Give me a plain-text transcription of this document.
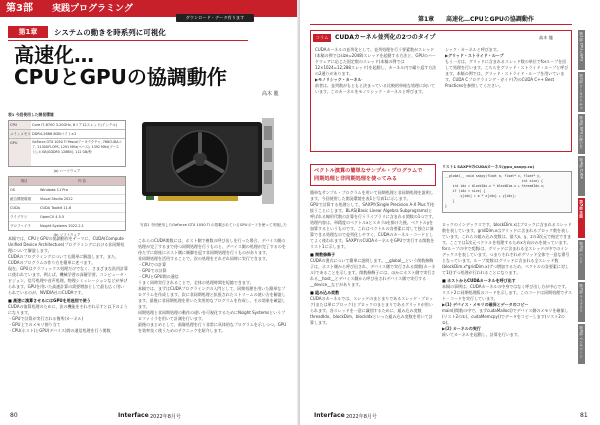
第3部 実践プログラミング
ダウンロード・データ有ります
第1章	システムの動きを時系列に可視化
高速化…
CPUとGPUの協調動作
高木 龍
表1 今回使用した開発環境
CPU	Core i7-8700 3.20GHz, 6コア12スレッド(インテル)
メインメモリ DDR4-2666 8GBバイト×2
GPU	GeForce GTX 1050 Ti Pascalアーキテクチャ, 768CUDAコア, 2130GFLOPS, 1291 MHz(ベース), 1392 MHz(ブースト), 4 GB(GDDR5 128Bit), 112 GB/秒
(a) ハードウェア
項目	内 容
OS	Windows 11 Pro
統合開発環境	Visual Studio 2022
CUDA	CUDA Toolkit 11.6
ライブラリ	OpenCV 4.5.5
プロファイラ	Nsight Systems 2022.2.1
(b) ソフトウェア
写真1 今回使用したGeForce GTX 1050 Ti の搭載されているGPUボードを使って実施した

本稿では、CPUとGPUの協調動作をテーマに、CUDA(Compute Unified Device Architecture)プログラミングにおける非同期処理について解説します。

CUDAのプログラミングについても簡単に解説します。また、CUDAのプログラムの作り方を簡単に述べます。

現在、GPUはグラフィックス処理だけでなく、さまざまな汎用計算に使われています。例えば、機械学習の深層学習、コンピュータ・ビジョン、信号処理や音声処理、物理シミュレーションなどが挙げられます。GPUを用いた高速計算の需要増加として最も広く用いられているのが、NVIDIA社のCUDAです。

■ 高速に演算させるにはGPUを用途別で使う

CUDAの演算処理のために、次の機能をそれぞれ示すと以下のようになります。

・GPUで計算が実行される箇所(カーネル)

・GPU上でのメモリ割り当て

・CPU(ホスト)とGPU(デバイス)間の通信処理を行う関数

これらのCUDA関数には、ホスト側で複数の呼び出しを行った場合、デバイス側の処理が完了するまで待つ同期処理を行うものと、デバイス側の処理が完了するのを待たずに即座にホスト側に制御を返す非同期処理を行うものがあります。

非同期処理を活用することで、次の処理をそれぞれ同時に実行できます。

・CPUでの計算

・GPUでの計算

・CPUとGPU間の通信

うまく同時実行されることで、全体の処理時間を短縮できます。

本稿では、まずはCUDAプログラミングの入門として、同期処理を用いた簡単なプログラムを作成します。次に非同期処理と拡張されたストリームの使い方を解説します。最後に非同期処理を用いた実用的なプログラムを作成し、その効果を確認します。

同期処理と非同期処理の動作の違いを可視化するためにNsight Systemsというプロファイラを用いて計測を行います。

最後のまとめとして、画像処理を行う非常に具体的なプログラムを示しつつ、GPUを効率良く使うためのテクニックを紹介します。

80	Interface 2022年8月号
第1章 高速化…CPUとGPUの協調動作
コラム	CUDAカーネル並列化の2つのタイプ	高木 龍

CUDAカーネルの並列化として、並列処理を行う要素数がスレッド(本稿の例ではsize=2048)スレッドを起動する方法と、GPUのハードウェアに応じた固定数のスレッド(本稿の例では12×1024=12,288スレッド)を起動し、カーネル内で繰り返す方法の2通りがあります。

▶モノリシック・カーネル

前者は、並列数がもともと決まっている比較的単純な処理に向いています。このカーネルをモノリシック・カーネルと呼びます。

シック・カーネルと呼びます。

▶グリッド・ストライド・ループ

もう一方は、グリッドに含まれるスレッド数の単位でforループを回して処理を行います。こちらをグリッド・ストライド・ループと呼びます。本稿の例では、グリッド・ストライド・ループを用いています。CUDA Cプログラミング・ガイド(7)のCUDA C++ Best Practicesを参照してください。

ベクトル演算の簡単なサンプル・プログラムで
同期処理と非同期処理を使ってみる

簡単なサンプル・プログラムを用いて同期処理と非同期処理を説明します。今回使用した開発環境を表1と写真1に示します。

GPUで計算する処理として、SAXPY(Single Precision A·X Plus Y)を扱うことにします。BLAS(Basic Linear Algebra Subprograms)と呼ばれる線形代数の計算を行うライブラリに含まれる関数の1つです。

処理内容は、単精度のベクトルxとスカラaを掛けた後、ベクトルyを加算するというものです。これはベクトルの各要素に対して独立に演算できる処理なので並列化しやすく、CUDAのカーネル・コードとしてよく使われます。SAXPYのCUDAカーネルをGPUで実行する関数をリスト1に示します。

■ 関数修飾子

CUDAの書式について簡単に説明します。__global__という関数修飾子は、ホスト側から呼び出され、デバイス側で実行される関数(カーネル)であることを示します。関数修飾子には、ほかにホスト側で実行される__host__とデバイス側から呼び出されデバイス側で実行する__device__などがあります。

■ 組み込み変数

CUDAのカーネルでは、スレッドのまとまりであるスレッド・ブロック(または単にブロック)とブロックのまとまりであるグリッドが用いられます。各スレッドを一意に識別するために、組み込み変数threadIdx、blockDim、blockIdxといった組み込み変数を用いて計算します。

リスト1 SAXPYのCUDAカーネル(gpu_saxpy.cu)
__global__ void saxpy(float a, float* x, float* y,
int size) {
int idx = blockIdx.x * blockDim.x + threadIdx.x;
if (idx < size) {
y[idx] = a * x[idx] + y[idx];
}
}

ロックのインデックスです。blockDim.xはブロックに含まれるスレッド数を表しています。gridDim.xはグリッドに含まれるブロック数を表しています。これらの組み込み変数は、最大x、y、zの3次元で指定できます。ここでは1次元ベクトルを処理するためx方向のみを使っています。

forループの中で変数iは、グリッドに含まれる全スレッドの中でのインデックスを表しています。つまりそれぞれがグリッド全体で一意な番号となっています。ループ変数iはグリッドに含まれる全スレッド数(blockDim.x*gridDim.x)ずつ増加するため、ベクトルの各要素に対して1回ずつ処理が行われることになります。

■ ホストからCUDAカーネルを呼び出す

本稿の事例は、CUDAカーネルの中身ではなく呼び出し方が中心です。リスト2に同期処理版のコードを示します。このコードは同期処理でテスト・コードを実行しています。

▶(1) デバイス・メモリの確保とデータのコピー

main()関数の中で、まずcudaMalloc()でデバイス側のメモリを確保し(リスト2の①)、cudaMemcpy()でデータをコピーします(リスト2の②)。

▶(2) カーネルの実行

続いてカーネルを起動し、計算を行います。

第1部 CPUとGPU
第2部 アーキテクチャ
第3部 GPUの使い方
第4部 CUDA
第5部 実践
第6部 ハード
第7部 ライブラリ
第8部 ベンチマーク
Interface 2022年8月号	81
